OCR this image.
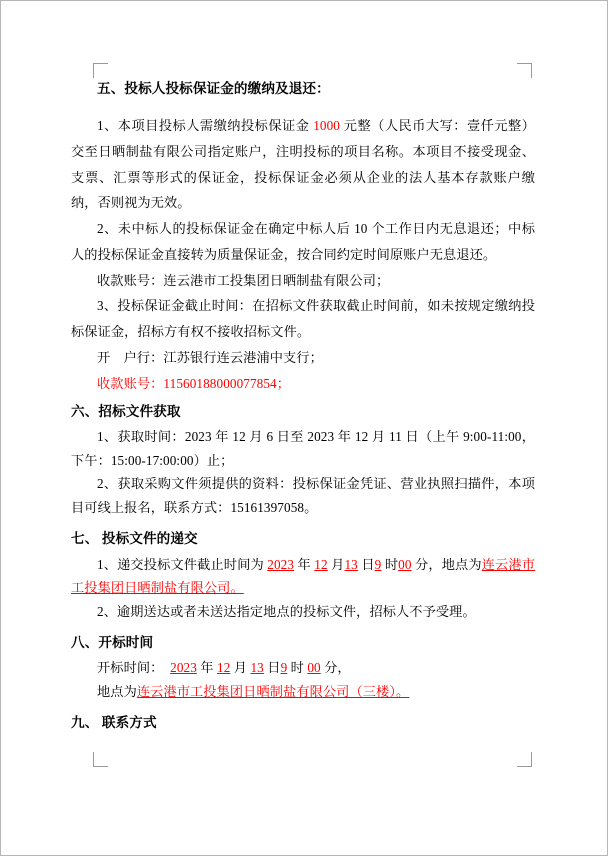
五、投标人投标保证金的缴纳及退还：

1、本项目投标人需缴纳投标保证金 1000 元整（人民币大写：壹仟元整）交至日晒制盐有限公司指定账户，注明投标的项目名称。本项目不接受现金、支票、汇票等形式的保证金，投标保证金必须从企业的法人基本存款账户缴纳，否则视为无效。

2、未中标人的投标保证金在确定中标人后 10 个工作日内无息退还；中标人的投标保证金直接转为质量保证金，按合同约定时间原账户无息退还。

收款账号：连云港市工投集团日晒制盐有限公司；

3、投标保证金截止时间：在招标文件获取截止时间前，如未按规定缴纳投标保证金，招标方有权不接收招标文件。

开　户行：江苏银行连云港浦中支行；

收款账号：11560188000077854；

六、招标文件获取

1、获取时间：2023 年 12 月 6 日至 2023 年 12 月 11 日（上午 9:00-11:00，下午：15:00-17:00:00）止；

2、获取采购文件须提供的资料：投标保证金凭证、营业执照扫描件，本项目可线上报名，联系方式：15161397058。

七、 投标文件的递交

1、递交投标文件截止时间为 2023 年 12 月13 日9 时00 分，地点为连云港市工投集团日晒制盐有限公司。

2、逾期送达或者未送达指定地点的投标文件，招标人不予受理。

八、开标时间

开标时间：　2023 年 12 月 13 日9 时 00 分，

地点为连云港市工投集团日晒制盐有限公司（三楼）。

九、 联系方式
